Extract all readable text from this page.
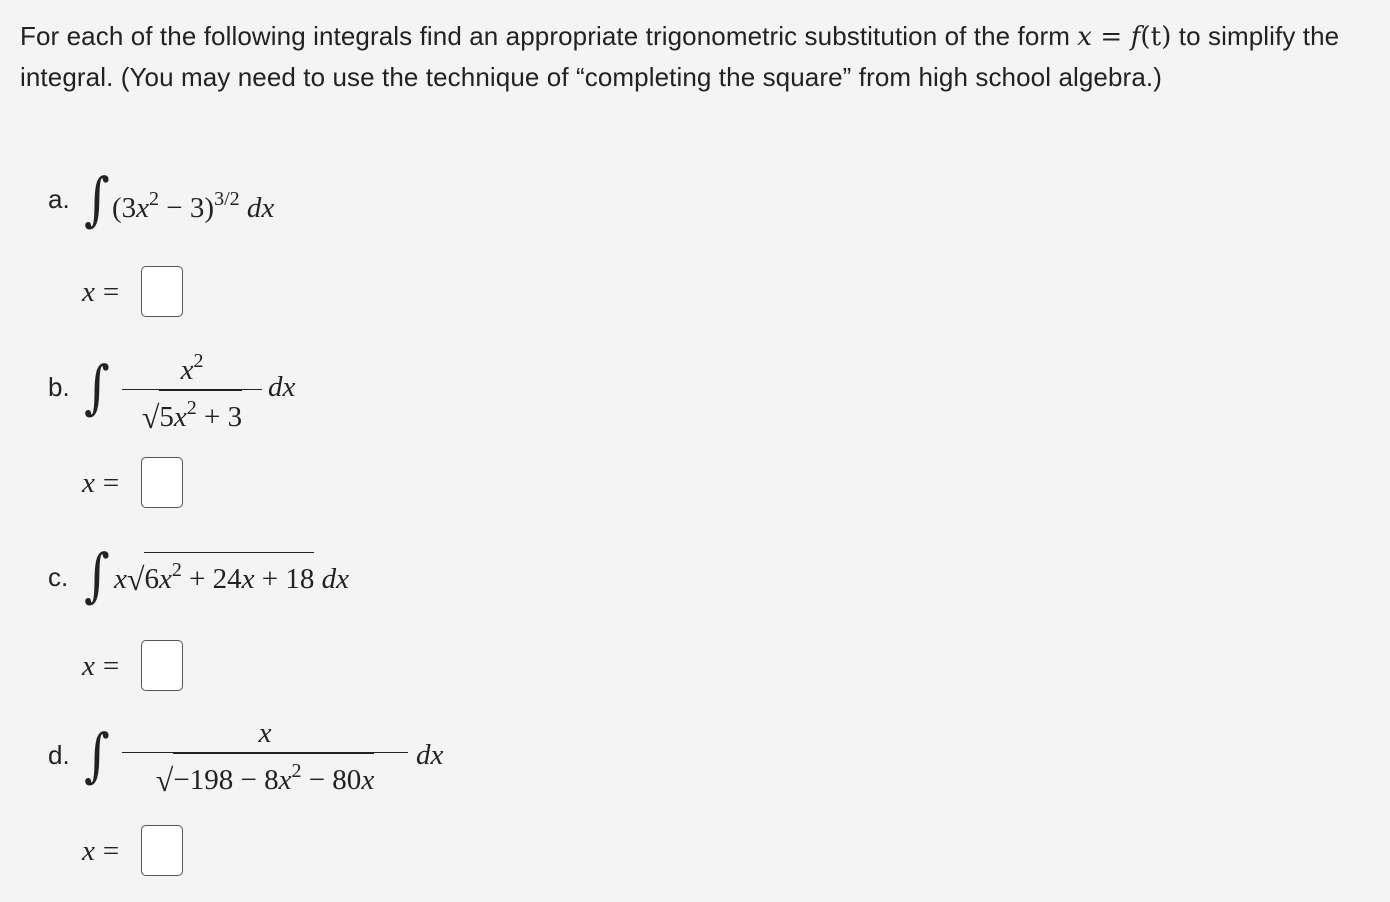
For each of the following integrals find an appropriate trigonometric substitution of the form x = f(t) to simplify the integral. (You may need to use the technique of “completing the square” from high school algebra.)
a. ∫ $(3x^2 - 3)^{3/2}$ dx
x =
b. ∫	$x^2$
$√5x^2 + 3$
dx
x =
c. ∫ $x√6x^2 + 24x + 18$ dx
x =
d. ∫	x
$√-198 - 8x^2 - 80x$
dx
x =
